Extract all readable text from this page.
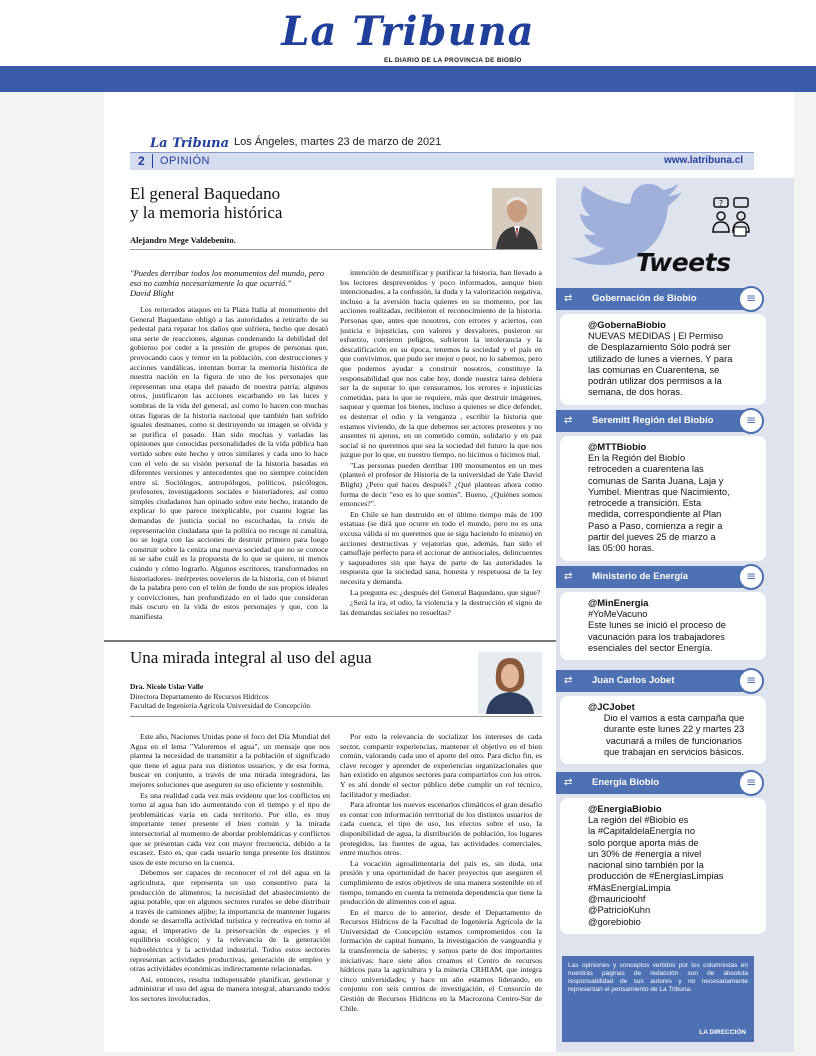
La Tribuna
EL DIARIO DE LA PROVINCIA DE BIOBÍO
La Tribuna Los Ángeles, martes 23 de marzo de 2021
2 OPINIÓN	www.latribuna.cl
El general Baquedano
y la memoria histórica
Alejandro Mege Valdebenito.
"Puedes derribar todos los monumentos del mundo, pero eso no cambia necesariamente lo que ocurrió."
David Blight

Los reiterados ataques en la Plaza Italia al monumento del General Baquedano obligó a las autoridades a retirarlo de su pedestal para reparar los daños que sufriera, hecho que desató una serie de reacciones, algunas condenando la debilidad del gobierno por ceder a la presión de grupos de personas que, provocando caos y temor en la población, con destrucciones y acciones vandálicas, intentan borrar la memoria histórica de nuestra nación en la figura de uno de los personajes que representan una etapa del pasado de nuestra patria; algunos otros, justificaron las acciones escarbando en las luces y sombras de la vida del general, así como lo hacen con muchas otras figuras de la historia nacional que también han sufrido iguales desmanes, como si destruyendo su imagen se olvida y se purifica el pasado. Han sido muchas y variadas las opiniones que conocidas personalidades de la vida pública han vertido sobre este hecho y otros similares y cada uno lo hace con el velo de su visión personal de la historia basadas en diferentes versiones y antecedentes que no siempre coinciden entre sí. Sociólogos, antropólogos, políticos, psicólogos, profesores, investigadores sociales e historiadores, así como simples ciudadanos han opinado sobre este hecho, tratando de explicar lo que parece inexplicable, por cuanto lograr las demandas de justicia social no escuchadas, la crisis de representación ciudadana que la política no recoge ni canaliza, no se logra con las acciones de destruir primero para luego construir sobre la ceniza una nueva sociedad que no se conoce ni se sabe cuál es la propuesta de lo que se quiere, ni menos cuándo y cómo lograrlo. Algunos escritores, transformados en historiadores- intérpretes noveleros de la historia, con el bisturí de la palabra pero con el telón de fondo de sus propios ideales y convicciones, han profundizado en el lado que consideran más oscuro en la vida de estos personajes y que, con la manifiesta

intención de desmitificar y purificar la historia, han llevado a los lectores desprevenidos y poco informados, aunque bien intencionados, a la confusión, la duda y la valorización negativa, incluso a la aversión hacia quienes en su momento, por las acciones realizadas, recibieron el reconocimiento de la historia. Personas que, antes que nosotros, con errores y aciertos, con justicia e injusticias, con valores y desvalores, pusieron su esfuerzo, corrieron peligros, sufrieron la intolerancia y la descalificación en su época, tenemos la sociedad y el país en que convivimos, que pudo ser mejor o peor, no lo sabemos, pero que podemos ayudar a construir nosotros, constituye la responsabilidad que nos cabe hoy, donde nuestra tarea debiera ser la de superar lo que censuramos, los errores e injusticias cometidas, para lo que se requiere, más que destruir imágenes, saquear y quemar los bienes, incluso a quienes se dice defender, es desterrar el odio y la venganza , escribir la historia que estamos viviendo, de la que debemos ser actores presentes y no ausentes ni ajenos, en un cometido común, solidario y en paz social si no queremos que sea la sociedad del futuro la que nos juzgue por lo que, en nuestro tiempo, no hicimos o hicimos mal.

"Las personas pueden derribar 100 monumentos en un mes (planteó el profesor de Historia de la universidad de Yale David Blight) ¿Pero qué haces después? ¿Qué planteas ahora como forma de decir "eso es lo que somos". Bueno, ¿Quiénes somos entonces?".

En Chile se han destruido en el último tiempo más de 100 estatuas (se dirá que ocurre en todo el mundo, pero no es una excusa válida si no queremos que se siga haciendo lo mismo) en acciones destructivas y vejatorias que, además, han sido el camuflaje perfecto para el accionar de antisociales, delincuentes y saqueadores sin que haya de parte de las autoridades la respuesta que la sociedad sana, honesta y respetuosa de la ley necesita y demanda.

La pregunta es: ¿después del General Baquedano, que sigue?

¿Será la ira, el odio, la violencia y la destrucción el signo de las demandas sociales no resueltas?

Una mirada integral al uso del agua
Dra. Nicole Uslar Valle
Directora Departamento de Recursos Hídricos
Facultad de Ingeniería Agrícola Universidad de Concepción

Este año, Naciones Unidas pone el foco del Día Mundial del Agua en el lema "Valoremos el agua", un mensaje que nos plantea la necesidad de transmitir a la población el significado que tiene el agua para sus distintos usuarios, y de esa forma, buscar en conjunto, a través de una mirada integradora, las mejores soluciones que aseguren su uso eficiente y sostenible.

Es una realidad cada vez más evidente que los conflictos en torno al agua han ido aumentando con el tiempo y el tipo de problemáticas varía en cada territorio. Por ello, es muy importante tener presente el bien común y la mirada intersectorial al momento de abordar problemáticas y conflictos que se presentan cada vez con mayor frecuencia, debido a la escasez. Esto es, que cada usuario tenga presente los distintos usos de este recurso en la cuenca.

Debemos ser capaces de reconocer el rol del agua en la agricultura, que representa un uso consuntivo para la producción de alimentos; la necesidad del abastecimiento de agua potable, que en algunos sectores rurales se debe distribuir a través de camiones aljibe; la importancia de mantener lugares donde se desarrolla actividad turística y recreativa en torno al agua; el imperativo de la preservación de especies y el equilibrio ecológico; y la relevancia de la generación hidroeléctrica y la actividad industrial. Todos estos sectores representan actividades productivas, generación de empleo y otras actividades económicas indirectamente relacionadas.

Así, entonces, resulta indispensable planificar, gestionar y administrar el uso del agua de manera integral, abarcando todos los sectores involucrados.

Por esto la relevancia de socializar los intereses de cada sector, compartir experiencias, mantener el objetivo en el bien común, valorando cada uno el aporte del otro. Para dicho fin, es clave recoger y aprender de experiencias organizacionales que han existido en algunos sectores para compartirlos con los otros. Y es ahí donde el sector público debe cumplir un rol técnico, facilitador y mediador.

Para afrontar los nuevos escenarios climáticos el gran desafío es contar con información territorial de los distintos usuarios de cada cuenca, el tipo de uso, los efectos sobre el uso, la disponibilidad de agua, la distribución de población, los lugares protegidos, las fuentes de agua, las actividades comerciales, entre muchos otros.

La vocación agroalimentaria del país es, sin duda, una presión y una oportunidad de hacer proyectos que aseguren el cumplimiento de estos objetivos de una manera sostenible en el tiempo, tomando en cuenta la tremenda dependencia que tiene la producción de alimentos con el agua.

En el marco de lo anterior, desde el Departamento de Recursos Hídricos de la Facultad de Ingeniería Agrícola de la Universidad de Concepción estamos comprometidos con la formación de capital humano, la investigación de vanguardia y la transferencia de saberes; y somos parte de dos importantes iniciativas: hace siete años creamos el Centro de recursos hídricos para la agricultura y la minería CRHIAM, que integra cinco universidades; y hace un año estamos liderando, en conjunto con seis centros de investigación, el Consorcio de Gestión de Recursos Hídricos en la Macrozona Centro-Sur de Chile.

?
Tweets
⇄ Gobernación de Biobío	≡
@GobernaBiobio
NUEVAS MEDIDAS | El Permiso
de Desplazamiento Sólo podrá ser
utilizado de lunes a viernes. Y para
las comunas en Cuarentena, se
podrán utilizar dos permisos a la
semana, de dos horas.
⇄ Seremitt Región del Biobío	≡
@MTTBiobio
En la Región del Biobío
retroceden a cuarentena las
comunas de Santa Juana, Laja y
Yumbel. Mientras que Nacimiento,
retrocede a transición. Esta
medida, correspondiente al Plan
Paso a Paso, comienza a regir a
partir del jueves 25 de marzo a
las 05:00 horas.
⇄ Ministerio de Energía	≡
@MinEnergia
#YoMeVacuno
Este lunes se inició el proceso de
vacunación para los trabajadores
esenciales del sector Energía.
⇄ Juan Carlos Jobet	≡
@JCJobet
Dio el vamos a esta campaña que
durante este lunes 22 y martes 23
vacunará a miles de funcionarios
que trabajan en servicios básicos.
⇄ Energía Biobío	≡
@EnergiaBiobio
La región del #Biobío es
la #CapitaldelaEnergía no
solo porque aporta más de
un 30% de #energía a nivel
nacional sino también por la
producción de #EnergíasLimpias
#MásEnergíaLimpia
@mauricioohf
@PatricioKuhn
@gorebiobio
Las opiniones y conceptos vertidos por los columnistas en nuestras páginas de redacción son de absoluta responsabilidad de sus autores y no necesariamente representan el pensamiento de La Tribuna.
LA DIRECCIÓN
